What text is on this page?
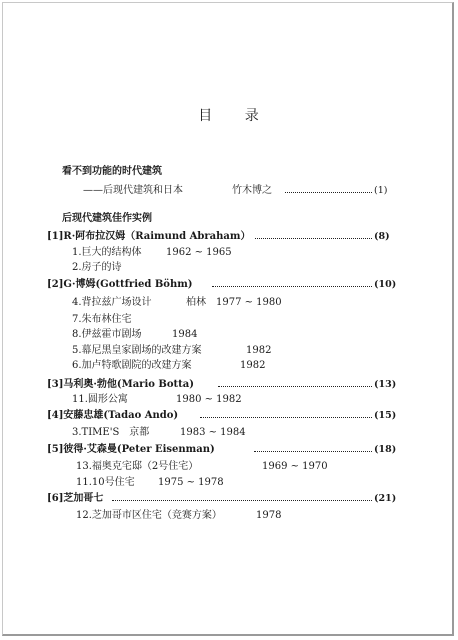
目 录
看不到功能的时代建筑
——后现代建筑和日本	竹木博之	(1)
后现代建筑佳作实例
[1]R·阿布拉汉姆（Raimund Abraham）	(8)
1.巨大的结构体 1962 ~ 1965
2.房子的诗
[2]G·博姆(Gottfried Böhm)	(10)
4.背拉兹广场设计	柏林　1977 ~ 1980
7.朱布林住宅
8.伊兹霍市剧场	1984
5.幕尼黑皇家剧场的改建方案	1982
6.加卢特歌剧院的改建方案	1982
[3]马利奥·勃他(Mario Botta)	(13)
11.圆形公寓	1980 ~ 1982
[4]安藤忠雄(Tadao Ando)	(15)
3.TIME'S　京都	1983 ~ 1984
[5]彼得·艾森曼(Peter Eisenman)	(18)
13.福奥克宅邸（2号住宅）	1969 ~ 1970
11.10号住宅 1975 ~ 1978
[6]芝加哥七	(21)
12.芝加哥市区住宅（竞赛方案）	1978
